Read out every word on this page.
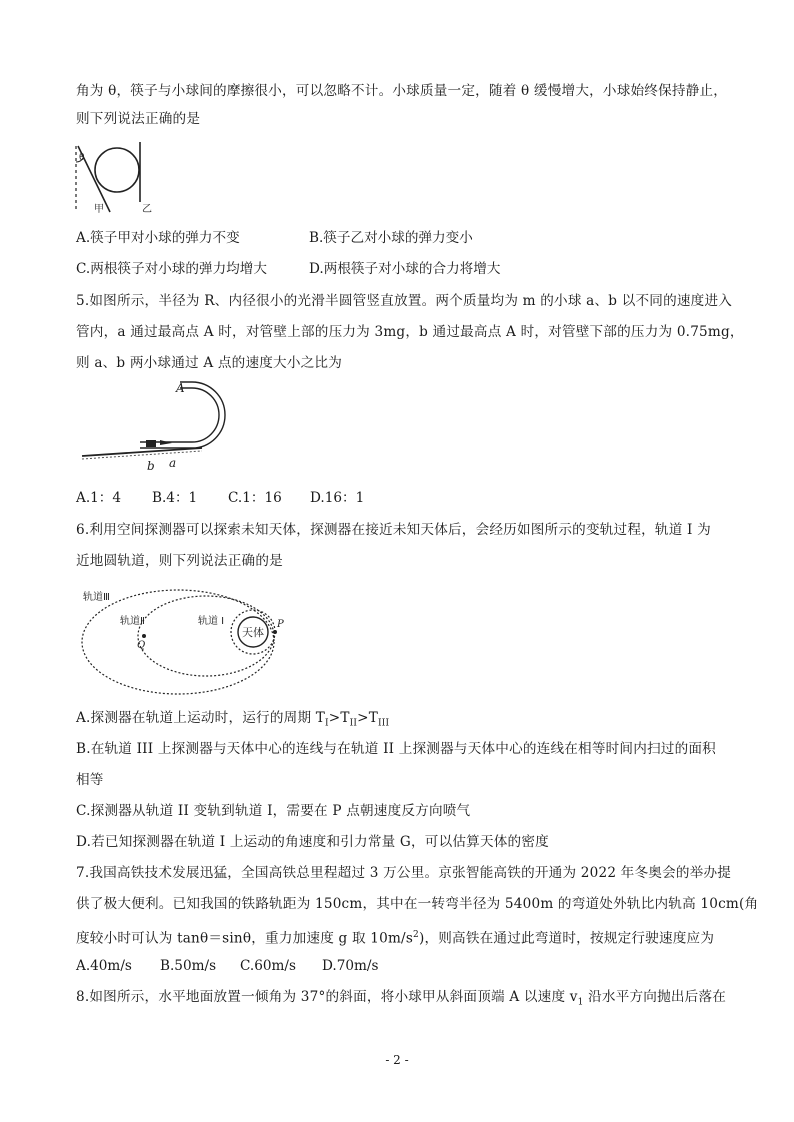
角为 θ，筷子与小球间的摩擦很小，可以忽略不计。小球质量一定，随着 θ 缓慢增大，小球始终保持静止，
则下列说法正确的是
θ
甲	乙
A.筷子甲对小球的弹力不变	B.筷子乙对小球的弹力变小
C.两根筷子对小球的弹力均增大	D.两根筷子对小球的合力将增大
5.如图所示，半径为 R、内径很小的光滑半圆管竖直放置。两个质量均为 m 的小球 a、b 以不同的速度进入
管内，a 通过最高点 A 时，对管壁上部的压力为 3mg，b 通过最高点 A 时，对管壁下部的压力为 0.75mg，
则 a、b 两小球通过 A 点的速度大小之比为
A
b a
A.1：4 B.4：1 C.1：16 D.16：1
6.利用空间探测器可以探索未知天体，探测器在接近未知天体后，会经历如图所示的变轨过程，轨道 I 为
近地圆轨道，则下列说法正确的是
轨道Ⅲ
轨道Ⅱ	轨道 Ⅰ
天体
P
Q
A.探测器在轨道上运动时，运行的周期 $T_I>T_{II}>T_{III}$
B.在轨道 III 上探测器与天体中心的连线与在轨道 II 上探测器与天体中心的连线在相等时间内扫过的面积
相等
C.探测器从轨道 II 变轨到轨道 I，需要在 P 点朝速度反方向喷气
D.若已知探测器在轨道 I 上运动的角速度和引力常量 G，可以估算天体的密度
7.我国高铁技术发展迅猛，全国高铁总里程超过 3 万公里。京张智能高铁的开通为 2022 年冬奥会的举办提
供了极大便利。已知我国的铁路轨距为 150cm，其中在一转弯半径为 5400m 的弯道处外轨比内轨高 10cm(角
度较小时可认为 tanθ＝sinθ，重力加速度 g 取 $10m/s^2$)，则高铁在通过此弯道时，按规定行驶速度应为
A.40m/s B.50m/s C.60m/s D.70m/s
8.如图所示，水平地面放置一倾角为 37°的斜面，将小球甲从斜面顶端 A 以速度 $v_1$ 沿水平方向抛出后落在
- 2 -
